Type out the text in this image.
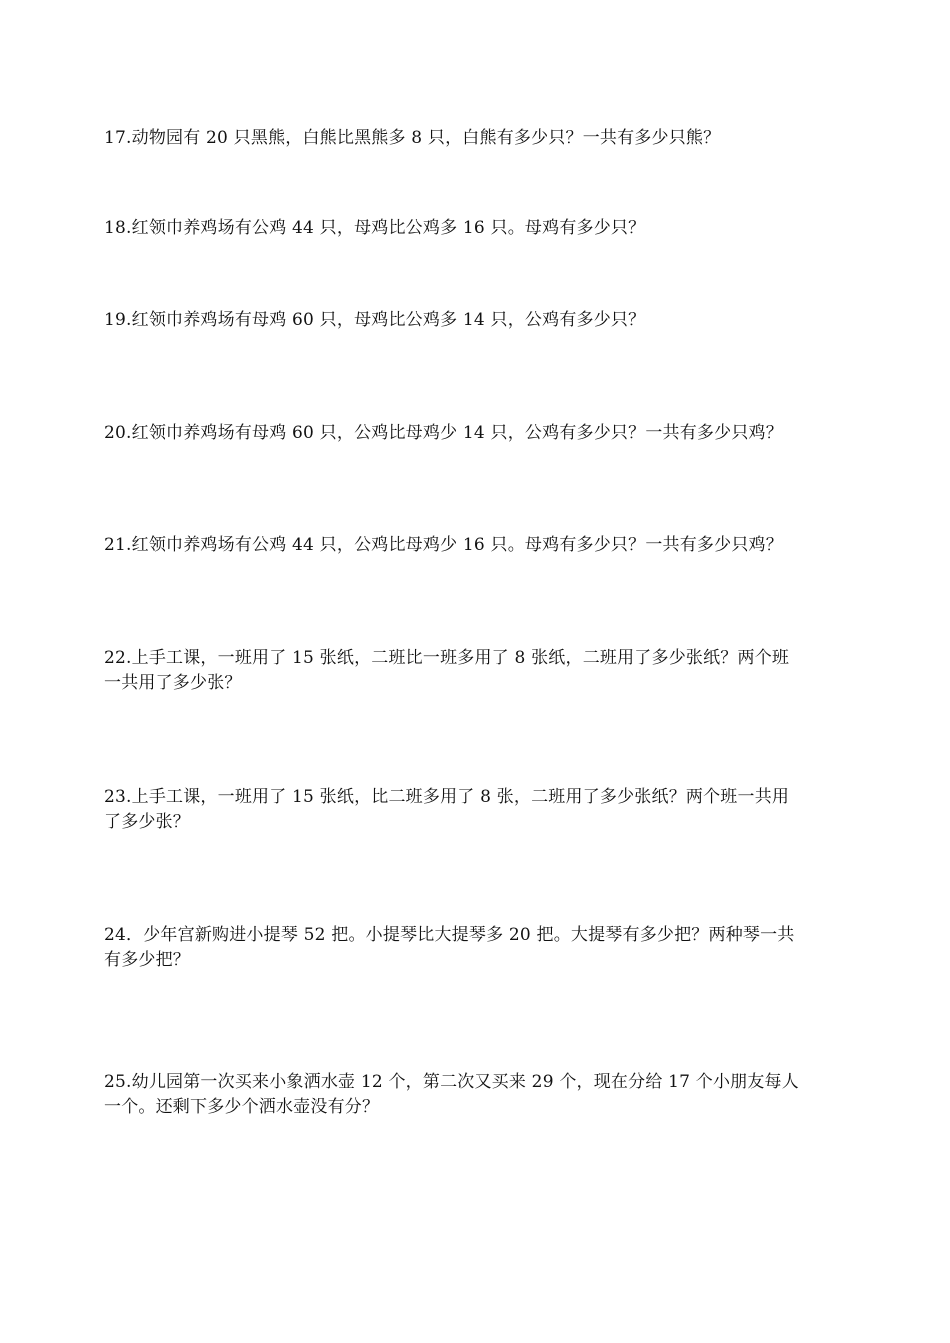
17.动物园有 20 只黑熊，白熊比黑熊多 8 只，白熊有多少只？一共有多少只熊？
18.红领巾养鸡场有公鸡 44 只，母鸡比公鸡多 16 只。母鸡有多少只？
19.红领巾养鸡场有母鸡 60 只，母鸡比公鸡多 14 只，公鸡有多少只？
20.红领巾养鸡场有母鸡 60 只，公鸡比母鸡少 14 只，公鸡有多少只？一共有多少只鸡？
21.红领巾养鸡场有公鸡 44 只，公鸡比母鸡少 16 只。母鸡有多少只？一共有多少只鸡？
22.上手工课，一班用了 15 张纸，二班比一班多用了 8 张纸，二班用了多少张纸？两个班
一共用了多少张？
23.上手工课，一班用了 15 张纸，比二班多用了 8 张，二班用了多少张纸？两个班一共用
了多少张？
24．少年宫新购进小提琴 52 把。小提琴比大提琴多 20 把。大提琴有多少把？两种琴一共
有多少把？
25.幼儿园第一次买来小象洒水壶 12 个，第二次又买来 29 个，现在分给 17 个小朋友每人
一个。还剩下多少个洒水壶没有分？
